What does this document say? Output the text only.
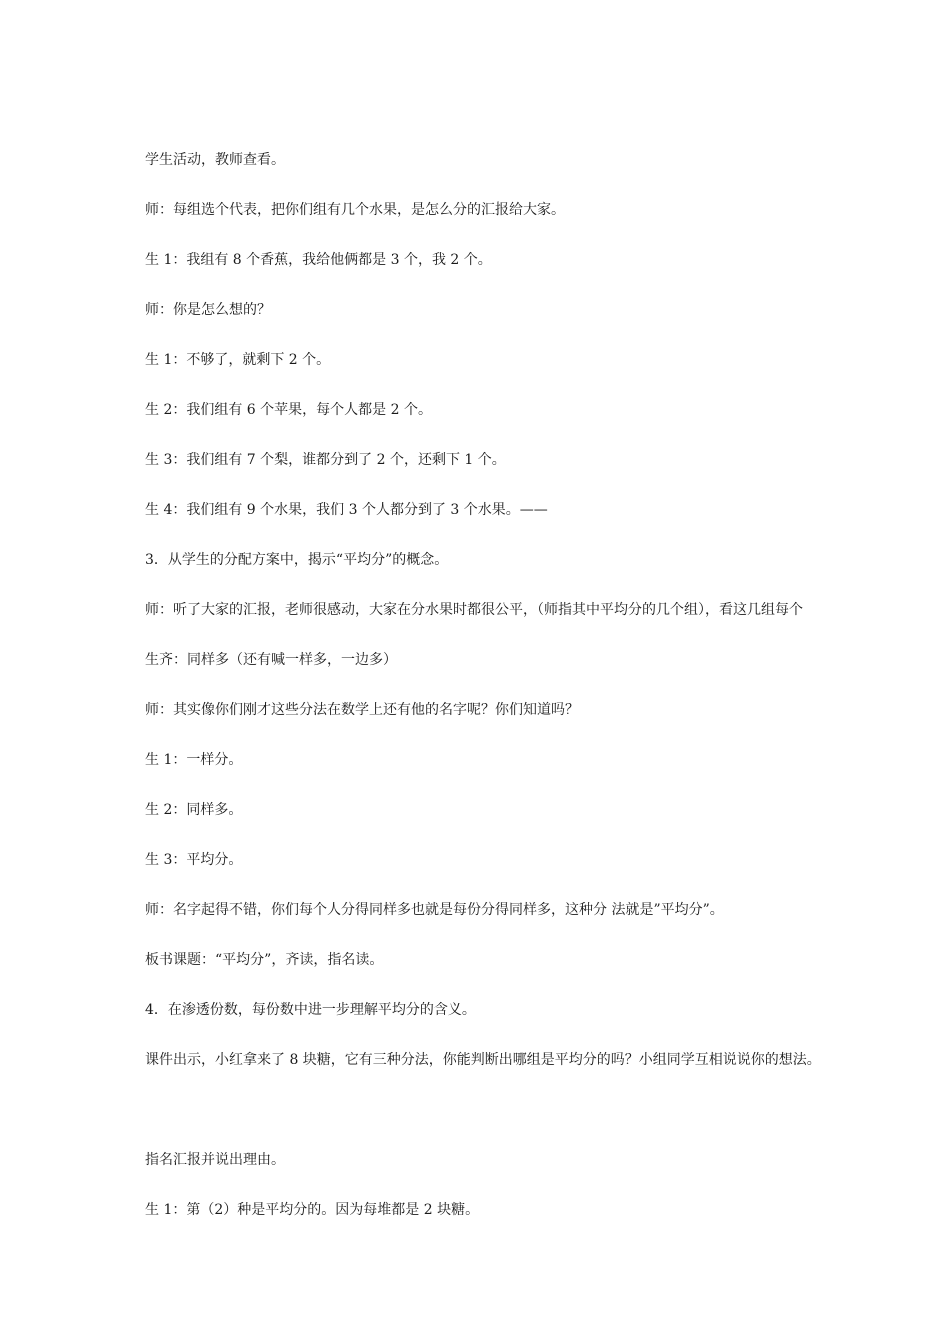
学生活动，教师查看。

师：每组选个代表，把你们组有几个水果，是怎么分的汇报给大家。

生 1：我组有 8 个香蕉，我给他俩都是 3 个，我 2 个。

师：你是怎么想的？

生 1：不够了，就剩下 2 个。

生 2：我们组有 6 个苹果，每个人都是 2 个。

生 3：我们组有 7 个梨，谁都分到了 2 个，还剩下 1 个。

生 4：我们组有 9 个水果，我们 3 个人都分到了 3 个水果。——

3．从学生的分配方案中，揭示“平均分”的概念。

师：听了大家的汇报，老师很感动，大家在分水果时都很公平，（师指其中平均分的几个组），看这几组每个

生齐：同样多（还有喊一样多，一边多）

师：其实像你们刚才这些分法在数学上还有他的名字呢？你们知道吗？

生 1：一样分。

生 2：同样多。

生 3：平均分。

师：名字起得不错，你们每个人分得同样多也就是每份分得同样多，这种分 法就是”平均分”。

板书课题：“平均分”，齐读，指名读。

4．在渗透份数，每份数中进一步理解平均分的含义。

课件出示，小红拿来了 8 块糖，它有三种分法，你能判断出哪组是平均分的吗？小组同学互相说说你的想法。

指名汇报并说出理由。

生 1：第（2）种是平均分的。因为每堆都是 2 块糖。
